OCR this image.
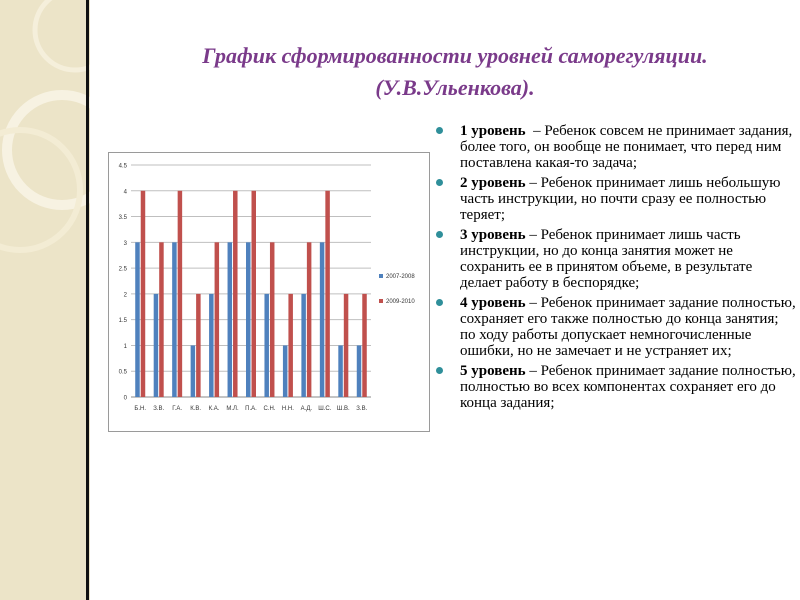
График сформированности уровней саморегуляции.
(У.В.Ульенкова).
0
0.5
1
1.5
2
2.5
3
3.5
4
4.5
Б.Н. З.В. Г.А. К.В. К.А. М.Л. П.А. С.Н. Н.Н. А.Д. Ш.С. Ш.В. З.В.
2007-2008
2009-2010
1 уровень  – Ребенок совсем не принимает задания, более того, он вообще не понимает, что перед ним поставлена какая-то задача;
2 уровень – Ребенок принимает лишь небольшую часть инструкции, но почти сразу ее полностью теряет;
3 уровень – Ребенок принимает лишь часть инструкции, но до конца занятия может не сохранить ее в принятом объеме, в результате делает работу в беспорядке;
4 уровень – Ребенок принимает задание полностью, сохраняет его также полностью до конца занятия; по ходу работы допускает немногочисленные ошибки, но не замечает и не устраняет их;
5 уровень – Ребенок принимает задание полностью, полностью во всех компонентах сохраняет его до конца задания;
